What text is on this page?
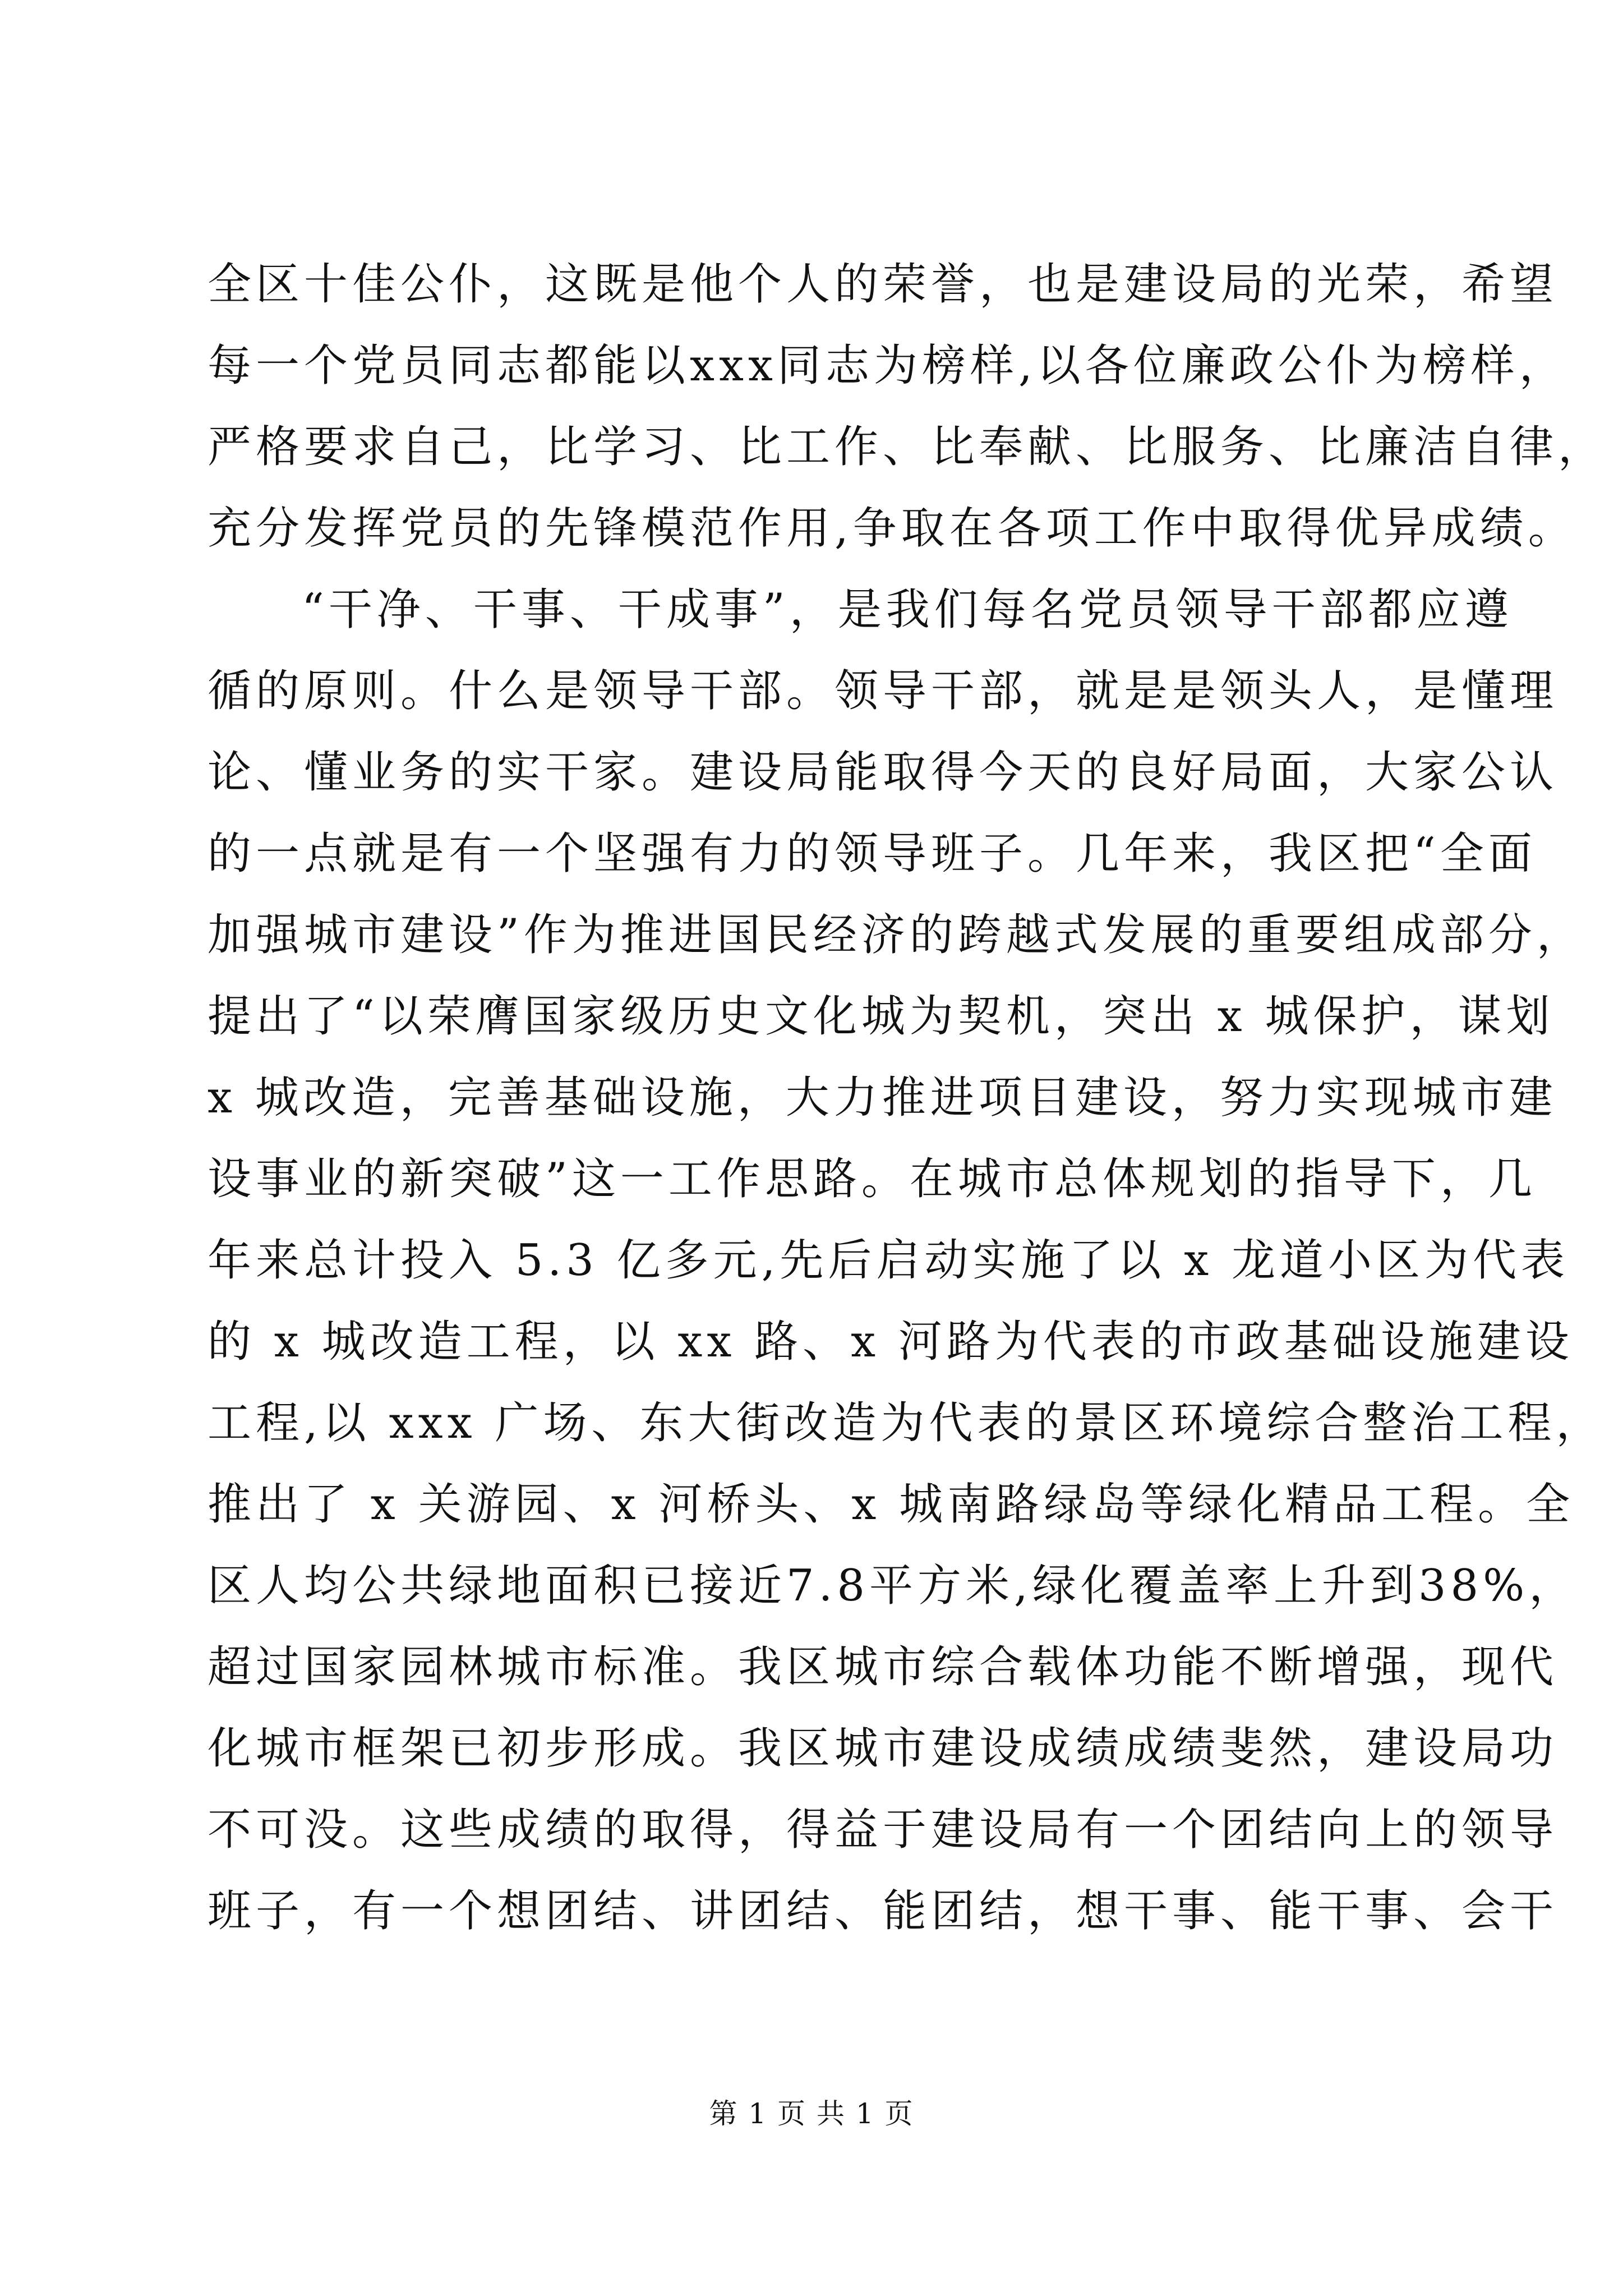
全区十佳公仆，这既是他个人的荣誉，也是建设局的光荣，希望
每一个党员同志都能以xxx同志为榜样,以各位廉政公仆为榜样，
严格要求自己，比学习、比工作、比奉献、比服务、比廉洁自律，
充分发挥党员的先锋模范作用,争取在各项工作中取得优异成绩。
“干净、干事、干成事”，是我们每名党员领导干部都应遵
循的原则。什么是领导干部。领导干部，就是是领头人，是懂理
论、懂业务的实干家。建设局能取得今天的良好局面，大家公认
的一点就是有一个坚强有力的领导班子。几年来，我区把“全面
加强城市建设”作为推进国民经济的跨越式发展的重要组成部分，
提出了“以荣膺国家级历史文化城为契机，突出 x 城保护，谋划
x 城改造，完善基础设施，大力推进项目建设，努力实现城市建
设事业的新突破”这一工作思路。在城市总体规划的指导下，几
年来总计投入 5.3 亿多元,先后启动实施了以 x 龙道小区为代表
的 x 城改造工程，以 xx 路、x 河路为代表的市政基础设施建设
工程,以 xxx 广场、东大街改造为代表的景区环境综合整治工程，
推出了 x 关游园、x 河桥头、x 城南路绿岛等绿化精品工程。全
区人均公共绿地面积已接近7.8平方米,绿化覆盖率上升到38%，
超过国家园林城市标准。我区城市综合载体功能不断增强，现代
化城市框架已初步形成。我区城市建设成绩成绩斐然，建设局功
不可没。这些成绩的取得，得益于建设局有一个团结向上的领导
班子，有一个想团结、讲团结、能团结，想干事、能干事、会干
第 1 页 共 1 页
